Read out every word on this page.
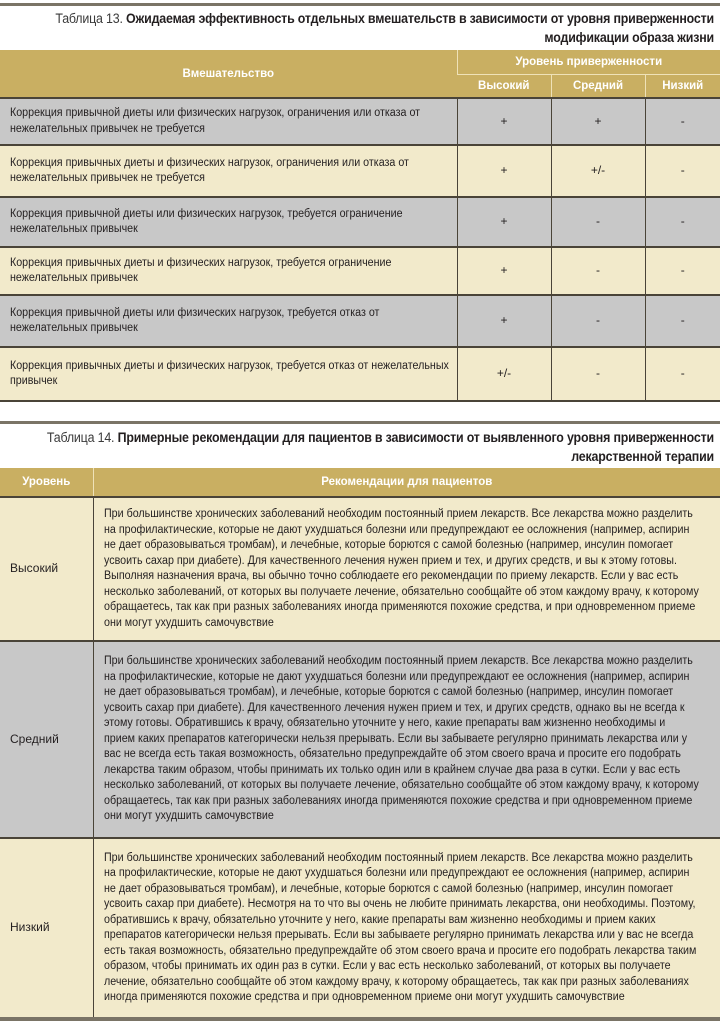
Таблица 13. Ожидаемая эффективность отдельных вмешательств в зависимости от уровня приверженности
модификации образа жизни
Вмешательство	Уровень приверженности		
	Высокий	Средний	Низкий

Коррекция привычной диеты или физических нагрузок, ограничения или отказа от нежелательных привычек не требуется	+	+	-

Коррекция привычных диеты и физических нагрузок, ограничения или отказа от нежелательных привычек не требуется	+	+/-	-

Коррекция привычной диеты или физических нагрузок, требуется ограничение нежелательных привычек	+	-	-

Коррекция привычных диеты и физических нагрузок, требуется ограничение нежелательных привычек	+	-	-

Коррекция привычной диеты или физических нагрузок, требуется отказ от нежелательных привычек	+	-	-

Коррекция привычных диеты и физических нагрузок, требуется отказ от нежелательных привычек	+/-	-	-
Таблица 14. Примерные рекомендации для пациентов в зависимости от выявленного уровня приверженности
лекарственной терапии
Уровень	Рекомендации для пациентов
Высокий	При большинстве хронических заболеваний необходим постоянный прием лекарств. Все лекарства можно разделить на профилактические, которые не дают ухудшаться болезни или предупреждают ее осложнения (например, аспирин не дает образовываться тромбам), и лечебные, которые борются с самой болезнью (например, инсулин помогает усвоить сахар при диабете). Для качественного лечения нужен прием и тех, и других средств, и вы к этому готовы. Выполняя назначения врача, вы обычно точно соблюдаете его рекомендации по приему лекарств. Если у вас есть несколько заболеваний, от которых вы получаете лечение, обязательно сообщайте об этом каждому врачу, к которому обращаетесь, так как при разных заболеваниях иногда применяются похожие средства, и при одновременном приеме они могут ухудшить самочувствие

Средний	При большинстве хронических заболеваний необходим постоянный прием лекарств. Все лекарства можно разделить на профилактические, которые не дают ухудшаться болезни или предупреждают ее осложнения (например, аспирин не дает образовываться тромбам), и лечебные, которые борются с самой болезнью (например, инсулин помогает усвоить сахар при диабете). Для качественного лечения нужен прием и тех, и других средств, однако вы не всегда к этому готовы. Обратившись к врачу, обязательно уточните у него, какие препараты вам жизненно необходимы и прием каких препаратов категорически нельзя прерывать. Если вы забываете регулярно принимать лекарства или у вас не всегда есть такая возможность, обязательно предупреждайте об этом своего врача и просите его подобрать лекарства таким образом, чтобы принимать их только один или в крайнем случае два раза в сутки. Если у вас есть несколько заболеваний, от которых вы получаете лечение, обязательно сообщайте об этом каждому врачу, к которому обращаетесь, так как при разных заболеваниях иногда применяются похожие средства и при одновременном приеме они могут ухудшить самочувствие

Низкий	При большинстве хронических заболеваний необходим постоянный прием лекарств. Все лекарства можно разделить на профилактические, которые не дают ухудшаться болезни или предупреждают ее осложнения (например, аспирин не дает образовываться тромбам), и лечебные, которые борются с самой болезнью (например, инсулин помогает усвоить сахар при диабете). Несмотря на то что вы очень не любите принимать лекарства, они необходимы. Поэтому, обратившись к врачу, обязательно уточните у него, какие препараты вам жизненно необходимы и прием каких препаратов категорически нельзя прерывать. Если вы забываете регулярно принимать лекарства или у вас не всегда есть такая возможность, обязательно предупреждайте об этом своего врача и просите его подобрать лекарства таким образом, чтобы принимать их один раз в сутки. Если у вас есть несколько заболеваний, от которых вы получаете лечение, обязательно сообщайте об этом каждому врачу, к которому обращаетесь, так как при разных заболеваниях иногда применяются похожие средства и при одновременном приеме они могут ухудшить самочувствие
